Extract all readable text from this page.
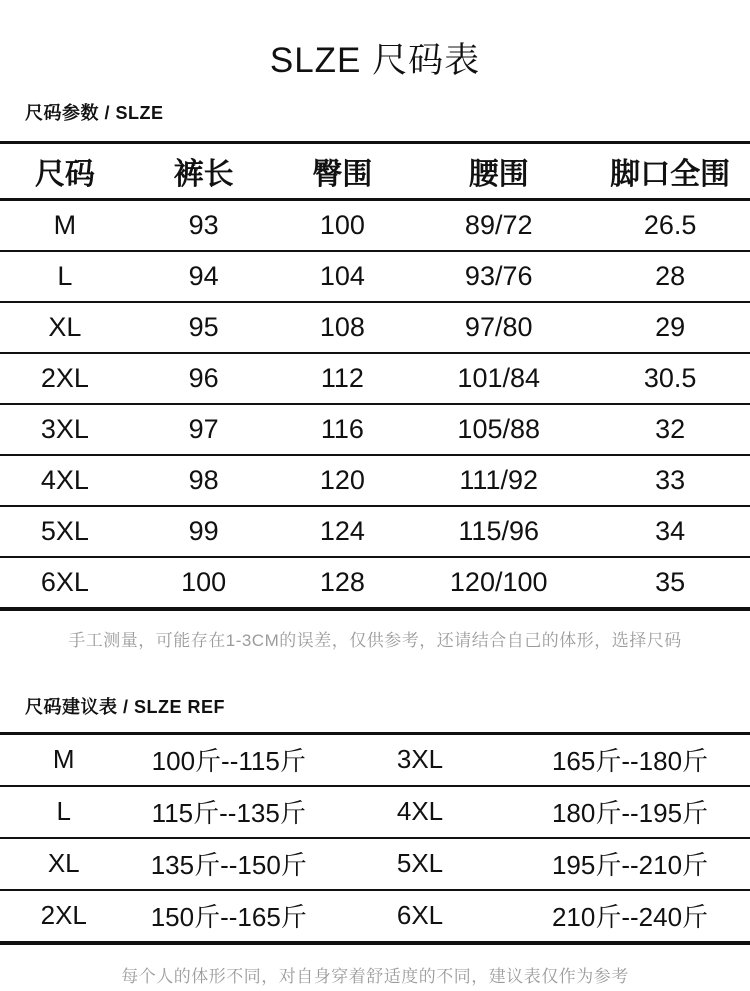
SLZE 尺码表
尺码参数 / SLZE
尺码	裤长	臀围	腰围	脚口全围
M	93	100	89/72	26.5
L	94	104	93/76	28
XL	95	108	97/80	29
2XL	96	112	101/84	30.5
3XL	97	116	105/88	32
4XL	98	120	111/92	33
5XL	99	124	115/96	34
6XL	100	128	120/100	35
手工测量，可能存在1-3CM的误差，仅供参考，还请结合自己的体形，选择尺码
尺码建议表 / SLZE REF
M	100斤--115斤	3XL	165斤--180斤
L	115斤--135斤	4XL	180斤--195斤
XL	135斤--150斤	5XL	195斤--210斤
2XL	150斤--165斤	6XL	210斤--240斤
每个人的体形不同，对自身穿着舒适度的不同，建议表仅作为参考
